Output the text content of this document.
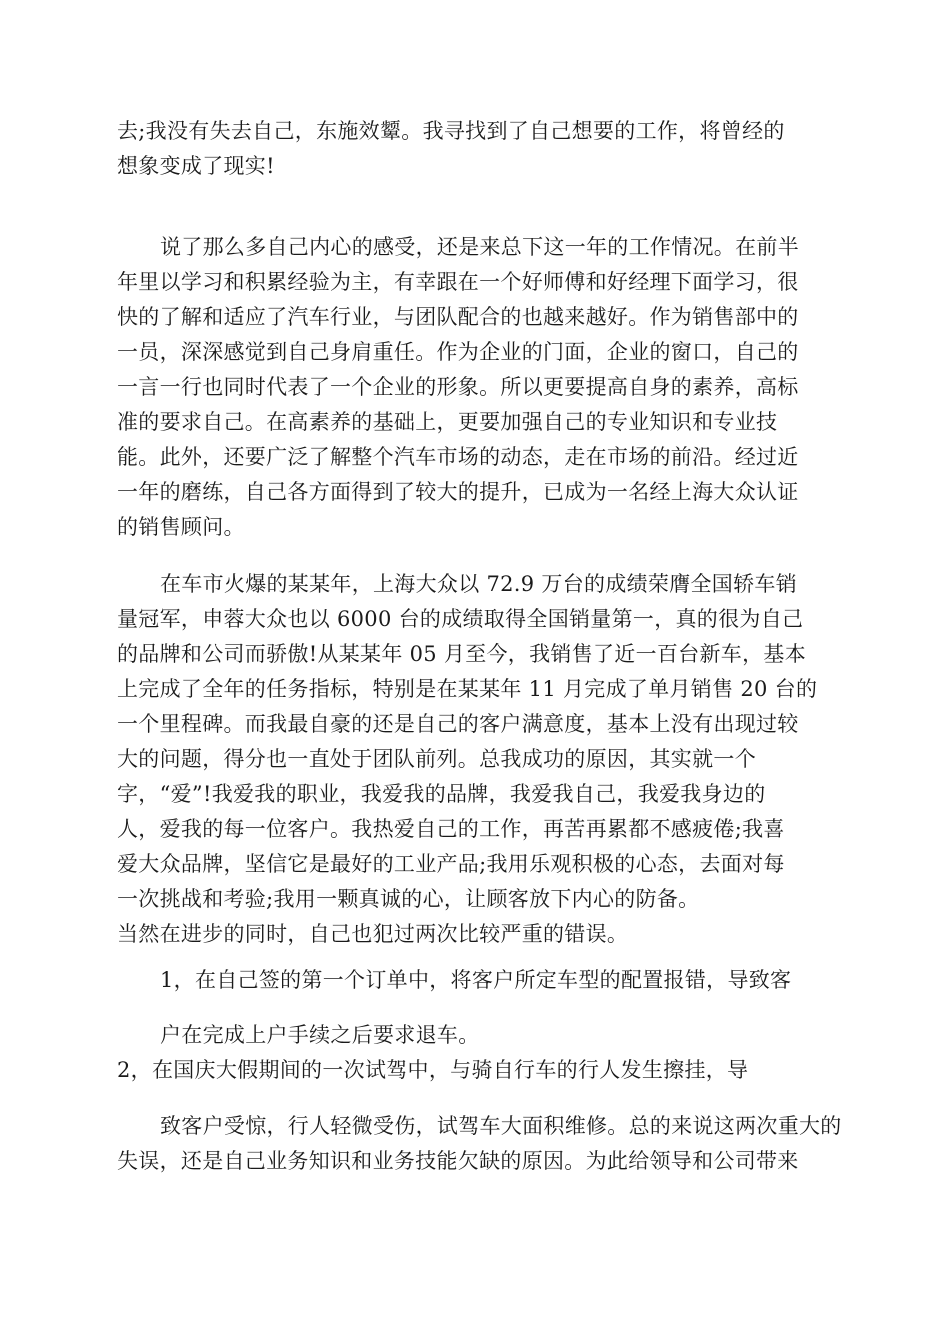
去;我没有失去自己，东施效颦。我寻找到了自己想要的工作，将曾经的
想象变成了现实!
说了那么多自己内心的感受，还是来总下这一年的工作情况。在前半
年里以学习和积累经验为主，有幸跟在一个好师傅和好经理下面学习，很
快的了解和适应了汽车行业，与团队配合的也越来越好。作为销售部中的
一员，深深感觉到自己身肩重任。作为企业的门面，企业的窗口，自己的
一言一行也同时代表了一个企业的形象。所以更要提高自身的素养，高标
准的要求自己。在高素养的基础上，更要加强自己的专业知识和专业技
能。此外，还要广泛了解整个汽车市场的动态，走在市场的前沿。经过近
一年的磨练，自己各方面得到了较大的提升，已成为一名经上海大众认证
的销售顾问。
在车市火爆的某某年，上海大众以 72.9 万台的成绩荣膺全国轿车销
量冠军，申蓉大众也以 6000 台的成绩取得全国销量第一，真的很为自己
的品牌和公司而骄傲!从某某年 05 月至今，我销售了近一百台新车，基本
上完成了全年的任务指标，特别是在某某年 11 月完成了单月销售 20 台的
一个里程碑。而我最自豪的还是自己的客户满意度，基本上没有出现过较
大的问题，得分也一直处于团队前列。总我成功的原因，其实就一个
字，“爱”!我爱我的职业，我爱我的品牌，我爱我自己，我爱我身边的
人，爱我的每一位客户。我热爱自己的工作，再苦再累都不感疲倦;我喜
爱大众品牌，坚信它是最好的工业产品;我用乐观积极的心态，去面对每
一次挑战和考验;我用一颗真诚的心，让顾客放下内心的防备。
当然在进步的同时，自己也犯过两次比较严重的错误。
1，在自己签的第一个订单中，将客户所定车型的配置报错，导致客
户在完成上户手续之后要求退车。
2，在国庆大假期间的一次试驾中，与骑自行车的行人发生擦挂，导
致客户受惊，行人轻微受伤，试驾车大面积维修。总的来说这两次重大的
失误，还是自己业务知识和业务技能欠缺的原因。为此给领导和公司带来
